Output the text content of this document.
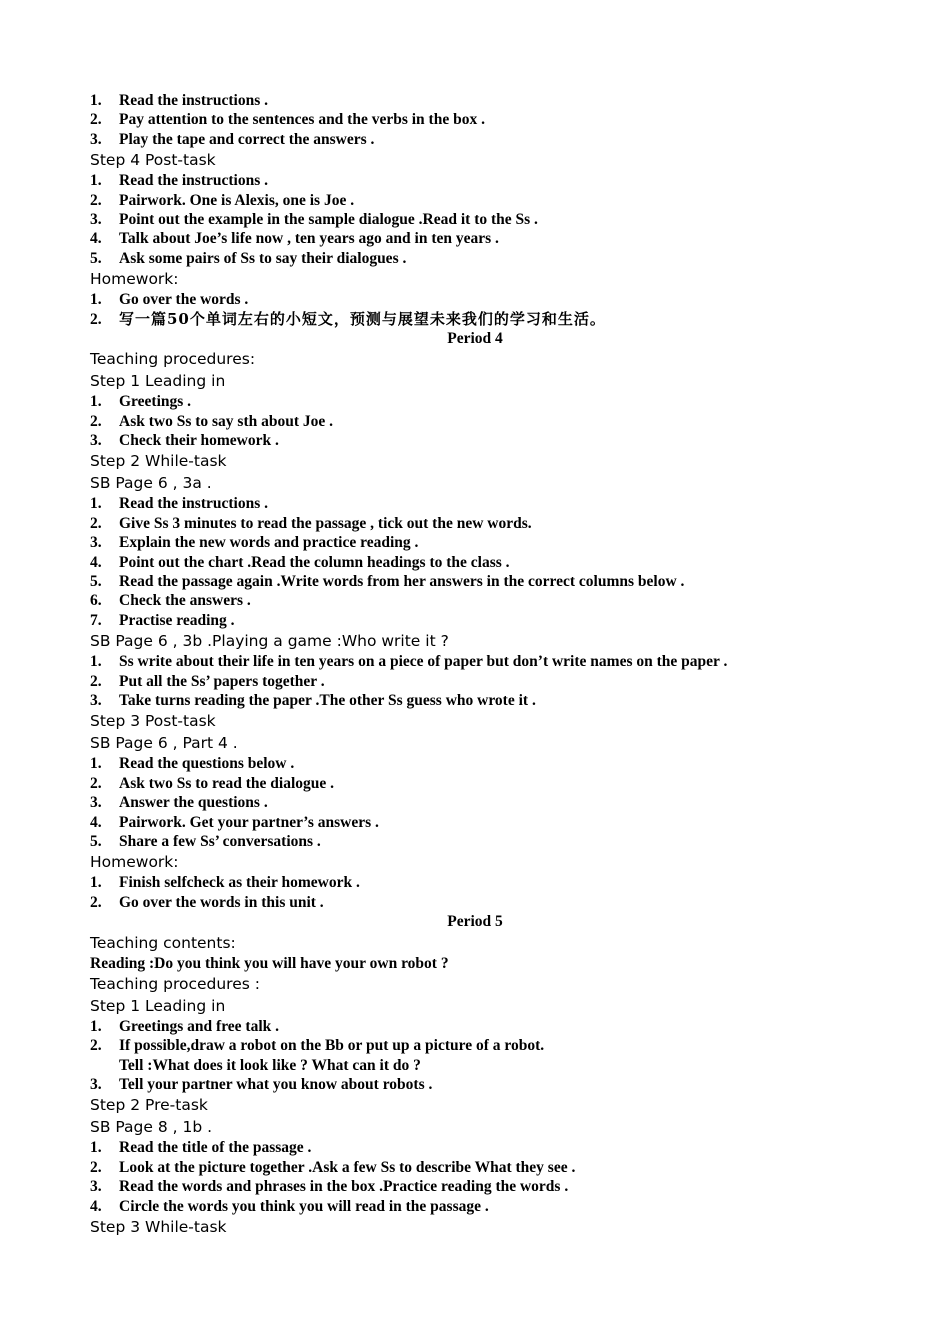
1.	Read the instructions .
2.	Pay attention to the sentences and the verbs in the box .
3.	Play the tape and correct the answers .
Step 4 Post-task
1.	Read the instructions .
2.	Pairwork. One is Alexis, one is Joe .
3.	Point out the example in the sample dialogue .Read it to the Ss .
4.	Talk about Joe’s life now , ten years ago and in ten years .
5.	Ask some pairs of Ss to say their dialogues .
Homework:
1.	Go over the words .
2.	写一篇50个单词左右的小短文，预测与展望未来我们的学习和生活。
Period 4
Teaching procedures:
Step 1 Leading in
1.	Greetings .
2.	Ask two Ss to say sth about Joe .
3.	Check their homework .
Step 2 While-task
SB Page 6 , 3a .
1.	Read the instructions .
2.	Give Ss 3 minutes to read the passage , tick out the new words.
3.	Explain the new words and practice reading .
4.	Point out the chart .Read the column headings to the class .
5.	Read the passage again .Write words from her answers in the correct columns below .
6.	Check the answers .
7.	Practise reading .
SB Page 6 , 3b .Playing a game :Who write it ?
1.	Ss write about their life in ten years on a piece of paper but don’t write names on the paper .
2.	Put all the Ss’ papers together .
3.	Take turns reading the paper .The other Ss guess who wrote it .
Step 3 Post-task
SB Page 6 , Part 4 .
1.	Read the questions below .
2.	Ask two Ss to read the dialogue .
3.	Answer the questions .
4.	Pairwork. Get your partner’s answers .
5.	Share a few Ss’ conversations .
Homework:
1.	Finish selfcheck as their homework .
2.	Go over the words in this unit .
Period 5
Teaching contents:
Reading :Do you think you will have your own robot ?
Teaching procedures :
Step 1 Leading in
1.	Greetings and free talk .
2.	If possible,draw a robot on the Bb or put up a picture of a robot.
Tell :What does it look like ? What can it do ?
3.	Tell your partner what you know about robots .
Step 2 Pre-task
SB Page 8 , 1b .
1.	Read the title of the passage .
2.	Look at the picture together .Ask a few Ss to describe What they see .
3.	Read the words and phrases in the box .Practice reading the words .
4.	Circle the words you think you will read in the passage .
Step 3 While-task
